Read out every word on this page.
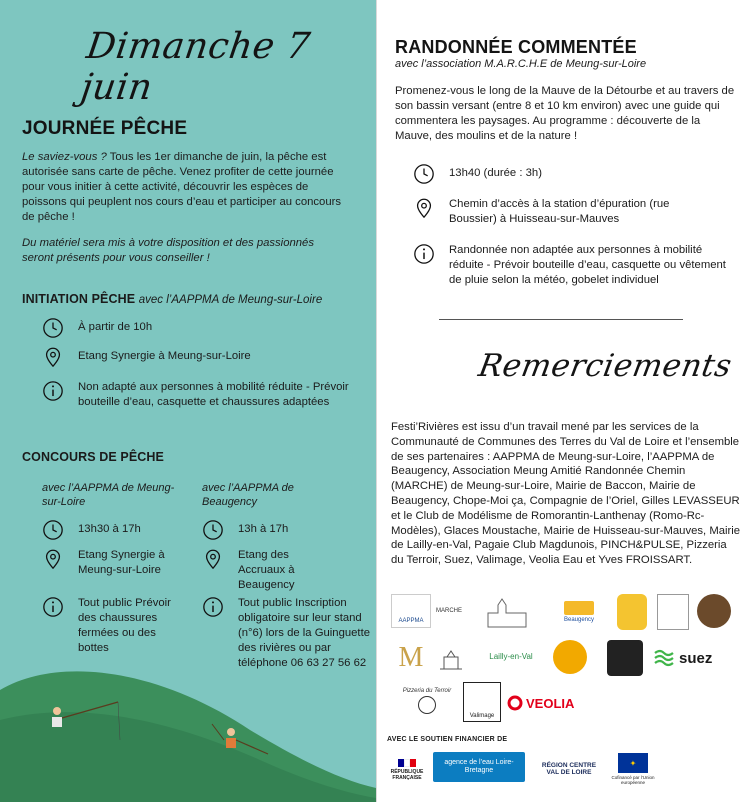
Dimanche 7 juin
JOURNÉE PÊCHE
Le saviez-vous ? Tous les 1er dimanche de juin, la pêche est autorisée sans carte de pêche. Venez profiter de cette journée pour vous initier à cette activité, découvrir les espèces de poissons qui peuplent nos cours d’eau et participer au concours de pêche !
Du matériel sera mis à votre disposition et des passionnés seront présents pour vous conseiller !
INITIATION PÊCHE avec l’AAPPMA de Meung-sur-Loire
À partir de 10h
Etang Synergie à Meung-sur-Loire
Non adapté aux personnes à mobilité réduite - Prévoir bouteille d’eau, casquette et chaussures adaptées
CONCOURS DE PÊCHE
avec l’AAPPMA de Meung-sur-Loire
13h30 à 17h
Etang Synergie à Meung-sur-Loire
Tout public Prévoir des chaussures fermées ou des bottes
avec l’AAPPMA de Beaugency
13h à 17h
Etang des Accruaux à Beaugency
Tout public Inscription obligatoire sur leur stand (n°6) lors de la Guinguette des rivières ou par téléphone 06 63 27 56 62
RANDONNÉE COMMENTÉE
avec l’association M.A.R.C.H.E de Meung-sur-Loire
Promenez-vous le long de la Mauve de la Détourbe et au travers de son bassin versant (entre 8 et 10 km environ) avec une guide qui commentera les paysages. Au programme : découverte de la Mauve, des moulins et de la nature !
13h40 (durée : 3h)
Chemin d’accès à la station d’épuration (rue Boussier) à Huisseau-sur-Mauves
Randonnée non adaptée aux personnes à mobilité réduite - Prévoir bouteille d’eau, casquette ou vêtement de pluie selon la météo, gobelet individuel
Remerciements
Festi’Rivières est issu d’un travail mené par les services de la Communauté de Communes des Terres du Val de Loire et l’ensemble de ses partenaires : AAPPMA de Meung-sur-Loire, l’AAPPMA de Beaugency, Association Meung Amitié Randonnée Chemin (MARCHE) de Meung-sur-Loire, Mairie de Baccon, Mairie de Beaugency, Chope-Moi ça, Compagnie de l’Oriel, Gilles LEVASSEUR et le Club de Modélisme de Romorantin-Lanthenay (Romo-Rc-Modèles), Glaces Moustache, Mairie de Huisseau-sur-Mauves, Mairie de Lailly-en-Val, Pagaie Club Magdunois, PINCH&PULSE, Pizzeria du Terroir, Suez, Valimage, Veolia Eau et Yves FROISSART.
AAPPMA
MARCHE
Beaugency
M	Lailly-en-Val	suez
Pizzeria du Terroir
Valimage
VEOLIA
AVEC LE SOUTIEN FINANCIER DE
RÉPUBLIQUE FRANÇAISE
agence de l’eau Loire-Bretagne
RÉGION CENTRE VAL DE LOIRE
✦
Cofinancé par l’Union européenne
